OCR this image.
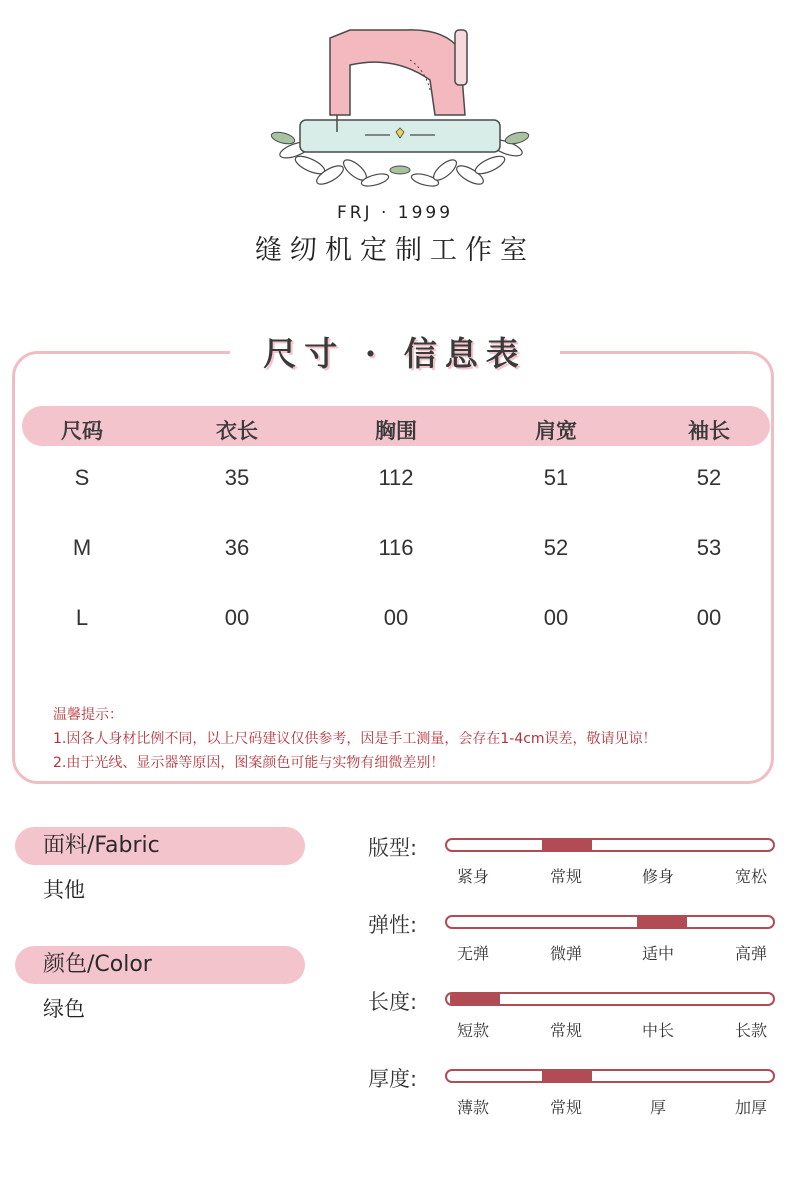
FRJ · 1999
缝纫机定制工作室
尺寸 · 信息表
尺码	衣长	胸围	肩宽	袖长
S	35	112	51	52
M	36	116	52	53
L	00	00	00	00
温馨提示：
1.因各人身材比例不同，以上尺码建议仅供参考，因是手工测量，会存在1-4cm误差，敬请见谅！
2.由于光线、显示器等原因，图案颜色可能与实物有细微差别！
面料/Fabric
其他
颜色/Color
绿色
版型:
紧身	常规	修身	宽松
弹性:
无弹	微弹	适中	高弹
长度:
短款	常规	中长	长款
厚度:
薄款	常规	厚	加厚
